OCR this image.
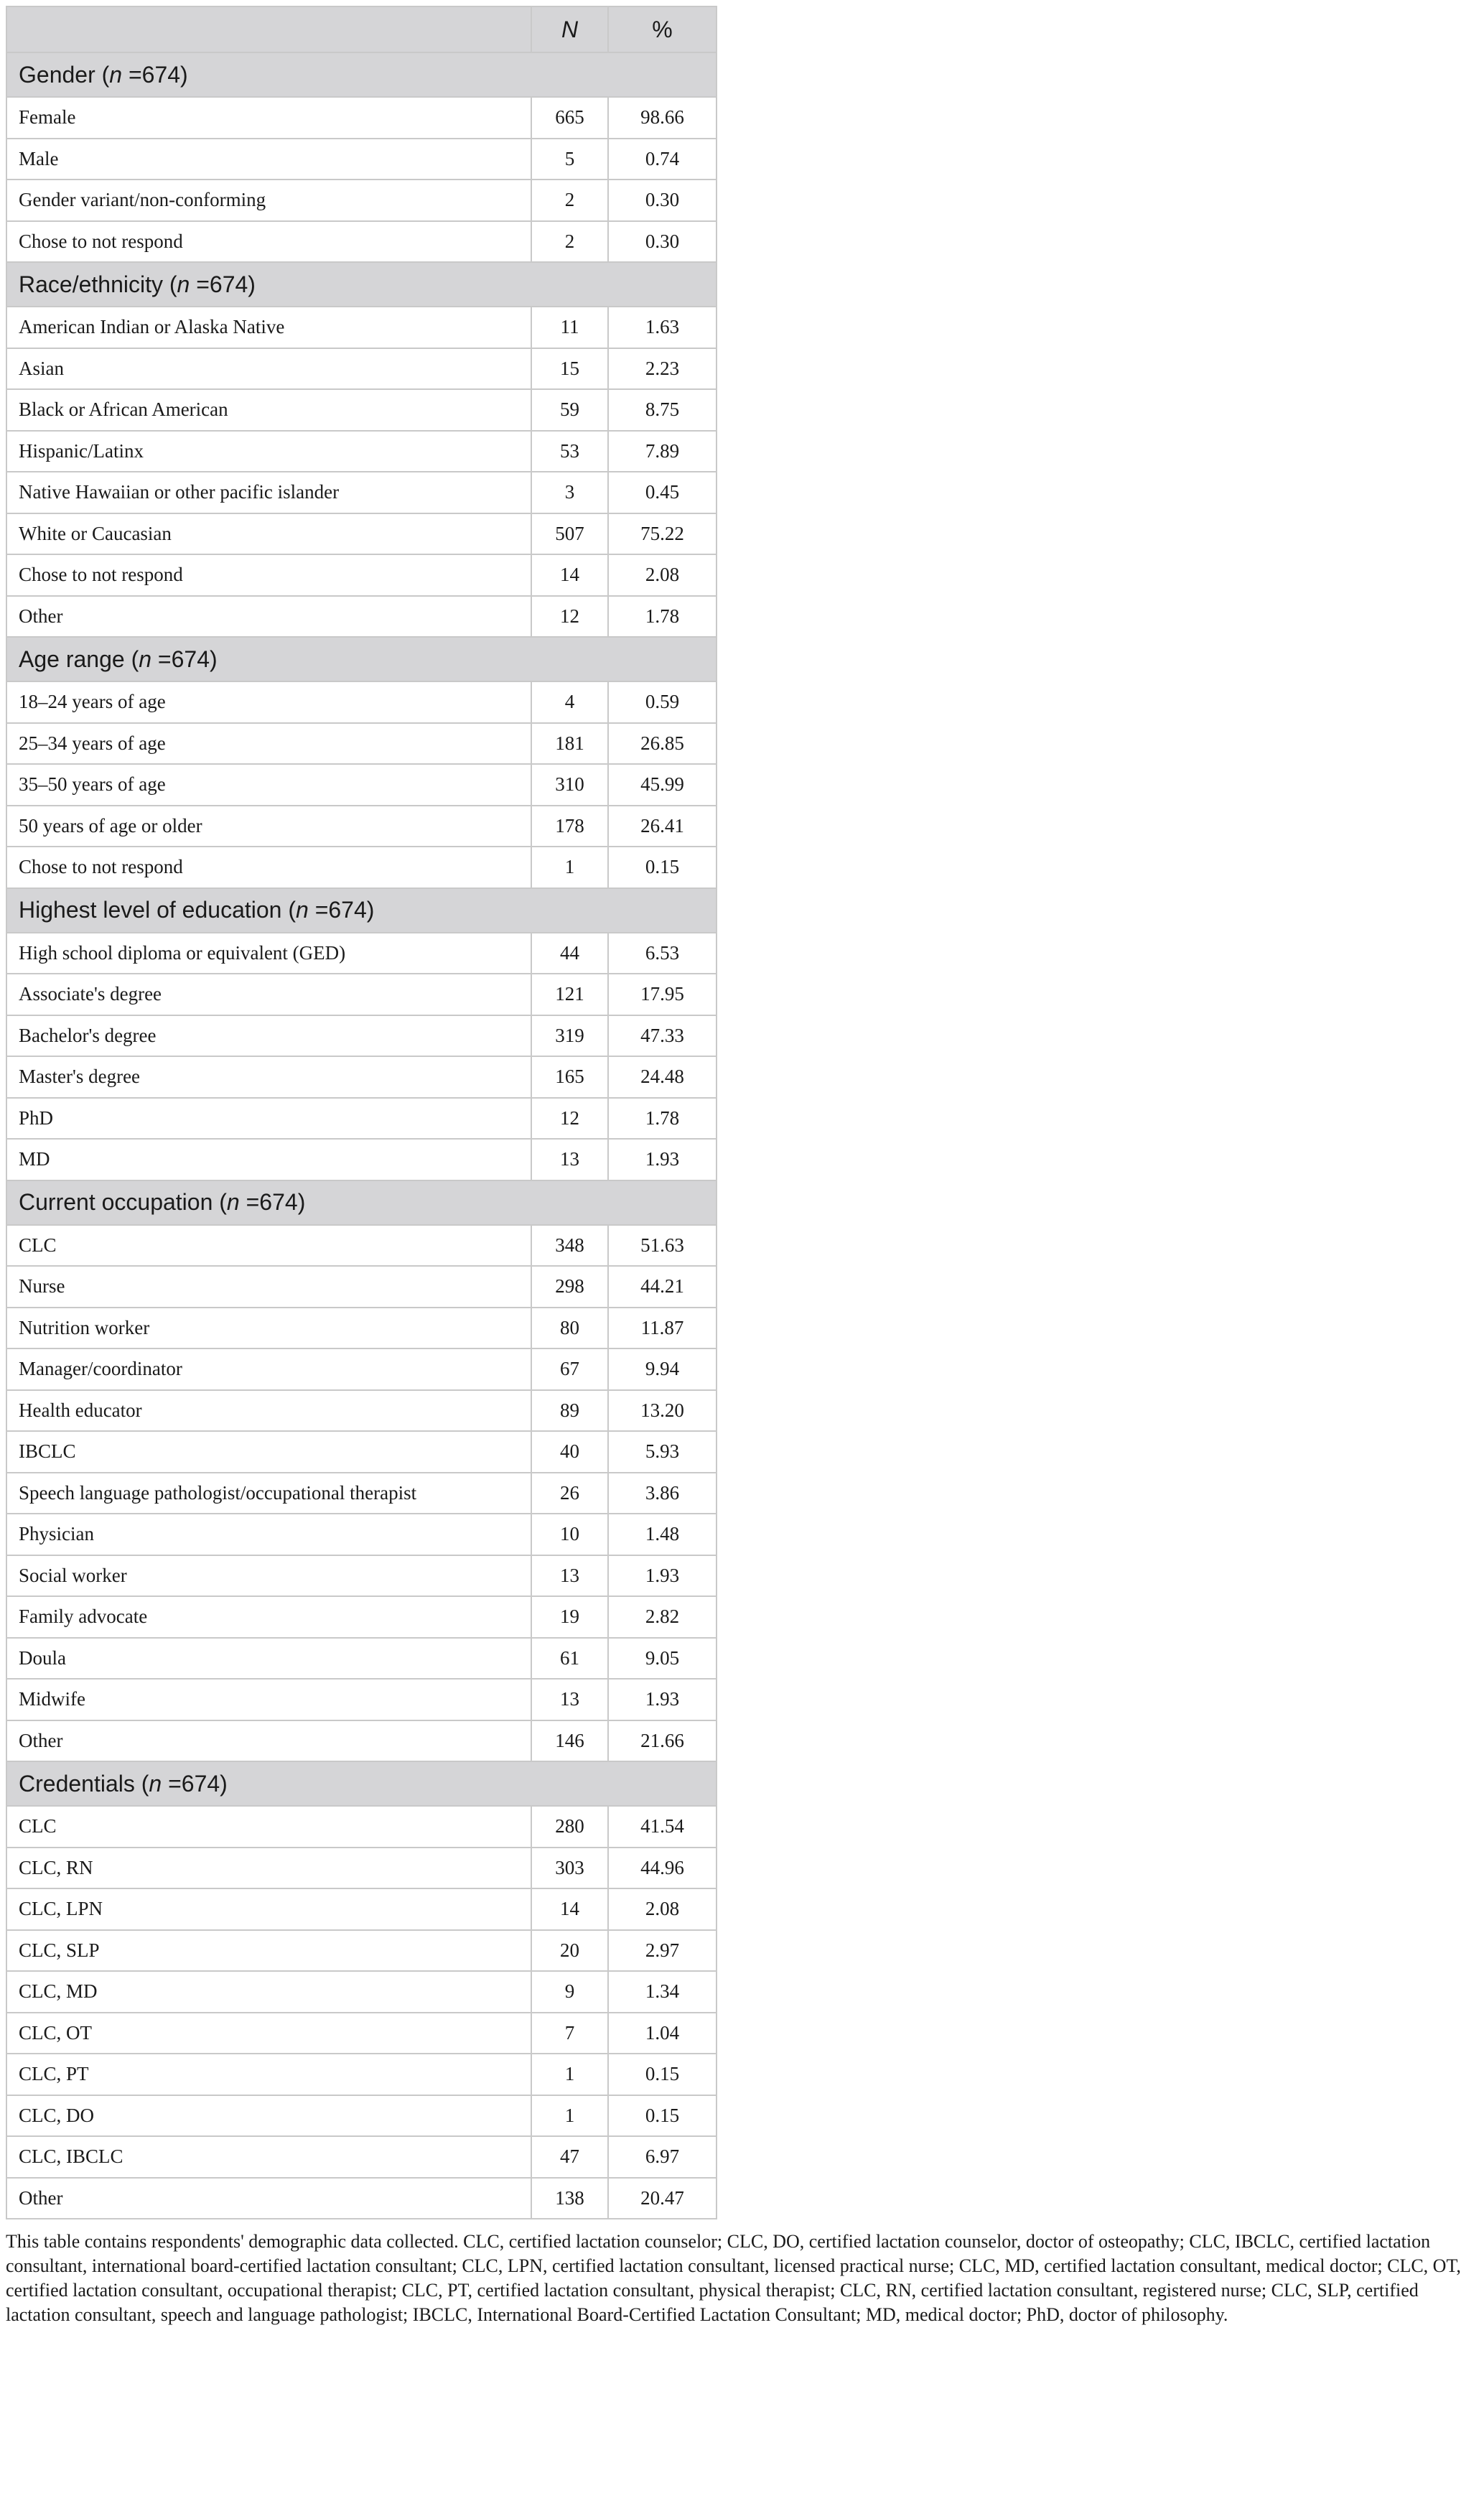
	N	%
Gender (n =674)		
Female	665	98.66
Male	5	0.74
Gender variant/non-conforming	2	0.30
Chose to not respond	2	0.30
Race/ethnicity (n =674)		
American Indian or Alaska Native	11	1.63
Asian	15	2.23
Black or African American	59	8.75
Hispanic/Latinx	53	7.89
Native Hawaiian or other pacific islander	3	0.45
White or Caucasian	507	75.22
Chose to not respond	14	2.08
Other	12	1.78
Age range (n =674)		
18–24 years of age	4	0.59
25–34 years of age	181	26.85
35–50 years of age	310	45.99
50 years of age or older	178	26.41
Chose to not respond	1	0.15
Highest level of education (n =674)		
High school diploma or equivalent (GED)	44	6.53
Associate's degree	121	17.95
Bachelor's degree	319	47.33
Master's degree	165	24.48
PhD	12	1.78
MD	13	1.93
Current occupation (n =674)		
CLC	348	51.63
Nurse	298	44.21
Nutrition worker	80	11.87
Manager/coordinator	67	9.94
Health educator	89	13.20
IBCLC	40	5.93
Speech language pathologist/occupational therapist	26	3.86
Physician	10	1.48
Social worker	13	1.93
Family advocate	19	2.82
Doula	61	9.05
Midwife	13	1.93
Other	146	21.66
Credentials (n =674)		
CLC	280	41.54
CLC, RN	303	44.96
CLC, LPN	14	2.08
CLC, SLP	20	2.97
CLC, MD	9	1.34
CLC, OT	7	1.04
CLC, PT	1	0.15
CLC, DO	1	0.15
CLC, IBCLC	47	6.97
Other	138	20.47
This table contains respondents' demographic data collected. CLC, certified lactation counselor; CLC, DO, certified lactation counselor, doctor of osteopathy; CLC, IBCLC, certified lactation consultant, international board-certified lactation consultant; CLC, LPN, certified lactation consultant, licensed practical nurse; CLC, MD, certified lactation consultant, medical doctor; CLC, OT, certified lactation consultant, occupational therapist; CLC, PT, certified lactation consultant, physical therapist; CLC, RN, certified lactation consultant, registered nurse; CLC, SLP, certified lactation consultant, speech and language pathologist; IBCLC, International Board-Certified Lactation Consultant; MD, medical doctor; PhD, doctor of philosophy.
